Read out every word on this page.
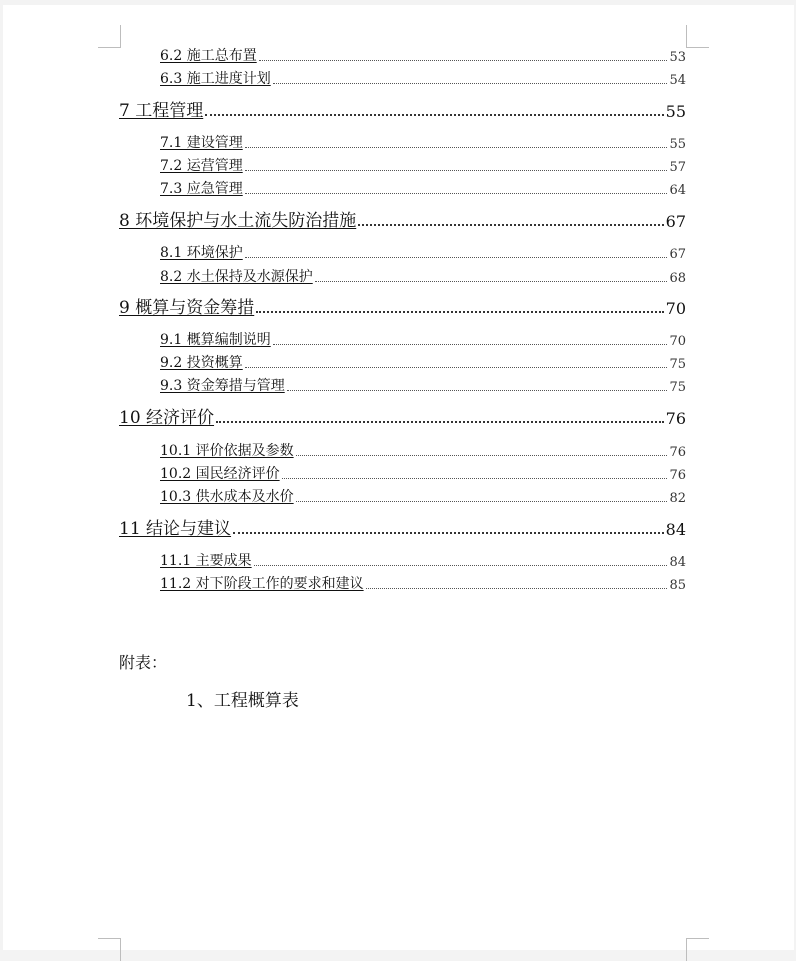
6.2 施工总布置	53
6.3 施工进度计划	54
7 工程管理	55
7.1 建设管理	55
7.2 运营管理	57
7.3 应急管理	64
8 环境保护与水土流失防治措施	67
8.1 环境保护	67
8.2 水土保持及水源保护	68
9 概算与资金筹措	70
9.1 概算编制说明	70
9.2 投资概算	75
9.3 资金筹措与管理	75
10 经济评价	76
10.1 评价依据及参数	76
10.2 国民经济评价	76
10.3 供水成本及水价	82
11 结论与建议	84
11.1 主要成果	84
11.2 对下阶段工作的要求和建议	85
附表：
1、工程概算表
